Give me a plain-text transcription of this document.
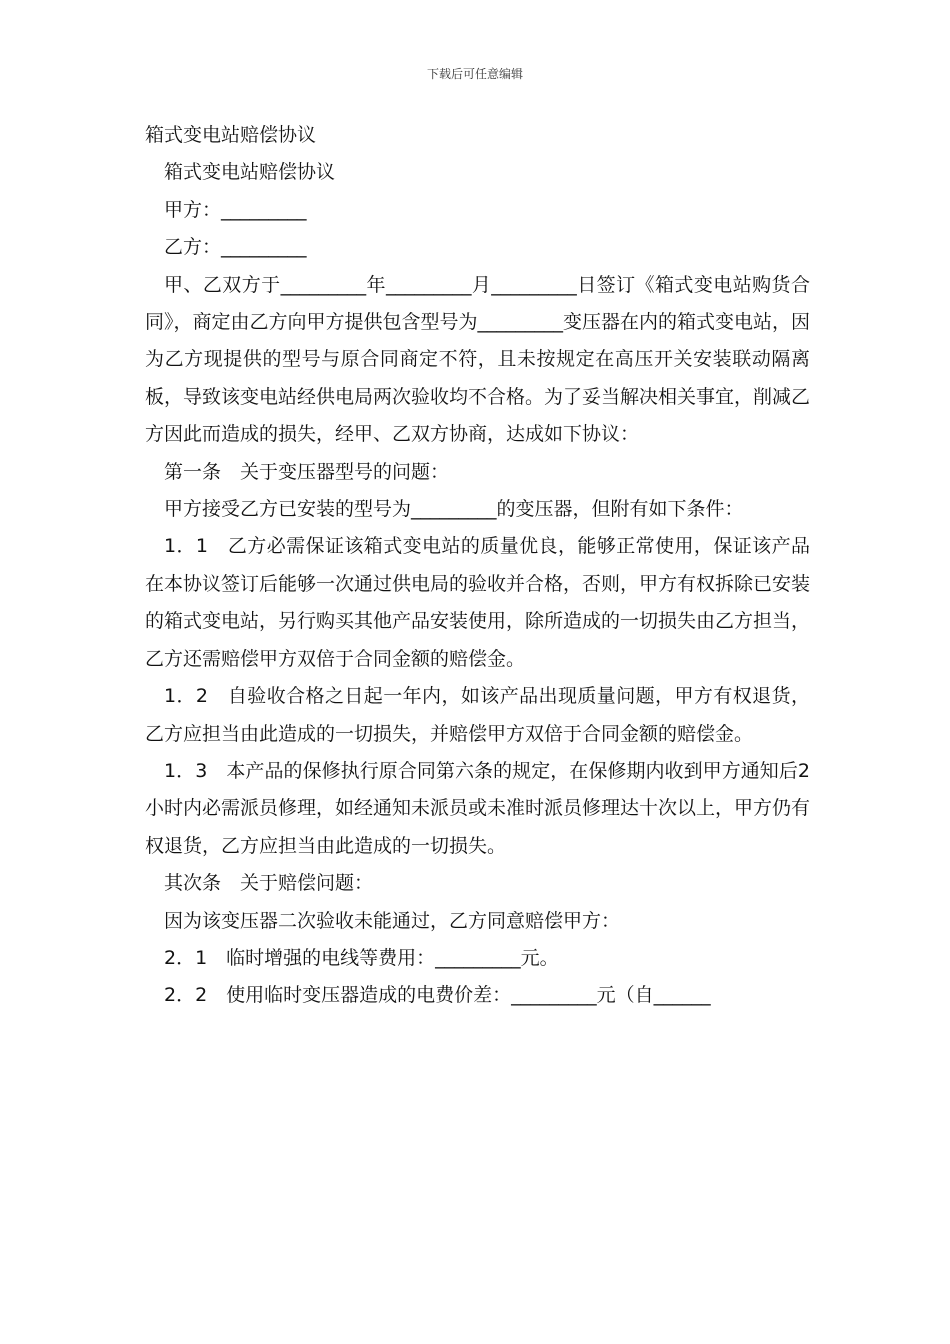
下载后可任意编辑

箱式变电站赔偿协议

箱式变电站赔偿协议

甲方：_________

乙方：_________

甲、乙双方于_________年_________月_________日签订《箱式变电站购货合同》，商定由乙方向甲方提供包含型号为_________变压器在内的箱式变电站，因为乙方现提供的型号与原合同商定不符，且未按规定在高压开关安装联动隔离板，导致该变电站经供电局两次验收均不合格。为了妥当解决相关事宜，削减乙方因此而造成的损失，经甲、乙双方协商，达成如下协议：

第一条　关于变压器型号的问题：

甲方接受乙方已安装的型号为_________的变压器，但附有如下条件：

1．1　乙方必需保证该箱式变电站的质量优良，能够正常使用，保证该产品在本协议签订后能够一次通过供电局的验收并合格，否则，甲方有权拆除已安装的箱式变电站，另行购买其他产品安装使用，除所造成的一切损失由乙方担当，乙方还需赔偿甲方双倍于合同金额的赔偿金。

1．2　自验收合格之日起一年内，如该产品出现质量问题，甲方有权退货，乙方应担当由此造成的一切损失，并赔偿甲方双倍于合同金额的赔偿金。

1．3　本产品的保修执行原合同第六条的规定，在保修期内收到甲方通知后2小时内必需派员修理，如经通知未派员或未准时派员修理达十次以上，甲方仍有权退货，乙方应担当由此造成的一切损失。

其次条　关于赔偿问题：

因为该变压器二次验收未能通过，乙方同意赔偿甲方：

2．1　临时增强的电线等费用：_________元。

2．2　使用临时变压器造成的电费价差：_________元（自______
